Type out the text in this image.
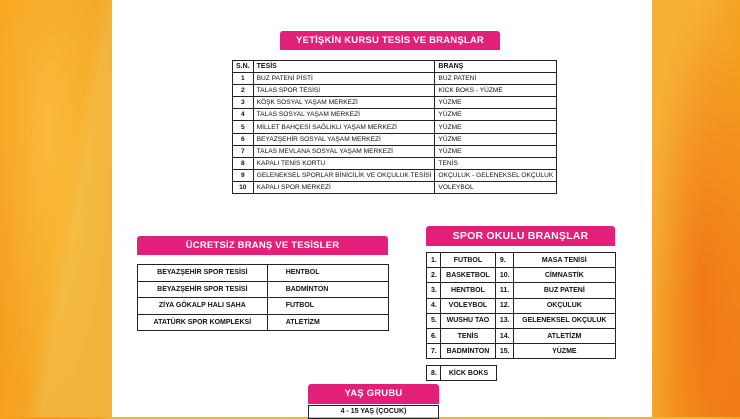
YETİŞKİN KURSU TESİS VE BRANŞLAR
S.N.	TESİS	BRANŞ
1	BUZ PATENİ PİSTİ	BUZ PATENİ
2	TALAS SPOR TESİSİ	KİCK BOKS - YÜZME
3	KÖŞK SOSYAL YAŞAM MERKEZİ	YÜZME
4	TALAS SOSYAL YAŞAM MERKEZİ	YÜZME
5	MİLLET BAHÇESİ SAĞLIKLI YAŞAM MERKEZİ	YÜZME
6	BEYAZŞEHİR SOSYAL YAŞAM MERKEZİ	YÜZME
7	TALAS MEVLANA SOSYAL YAŞAM MERKEZİ	YÜZME
8	KAPALI TENİS KORTU	TENİS
9	GELENEKSEL SPORLAR BİNİCİLİK VE OKÇULUK TESİSİ	OKÇULUK - GELENEKSEL OKÇULUK
10	KAPALI SPOR MERKEZİ	VOLEYBOL
ÜCRETSİZ BRANŞ VE TESİSLER
BEYAZŞEHİR SPOR TESİSİ	HENTBOL
BEYAZŞEHİR SPOR TESİSİ	BADMİNTON
ZİYA GÖKALP HALI SAHA	FUTBOL
ATATÜRK SPOR KOMPLEKSİ	ATLETİZM
SPOR OKULU BRANŞLAR
1.	FUTBOL	9.	MASA TENİSİ
2.	BASKETBOL	10.	CİMNASTİK
3.	HENTBOL	11.	BUZ PATENİ
4.	VOLEYBOL	12.	OKÇULUK
5.	WUSHU TAO	13.	GELENEKSEL OKÇULUK
6.	TENİS	14.	ATLETİZM
7.	BADMİNTON	15.	YÜZME
8.	KİCK BOKS
YAŞ GRUBU
4 - 15 YAŞ (ÇOCUK)
